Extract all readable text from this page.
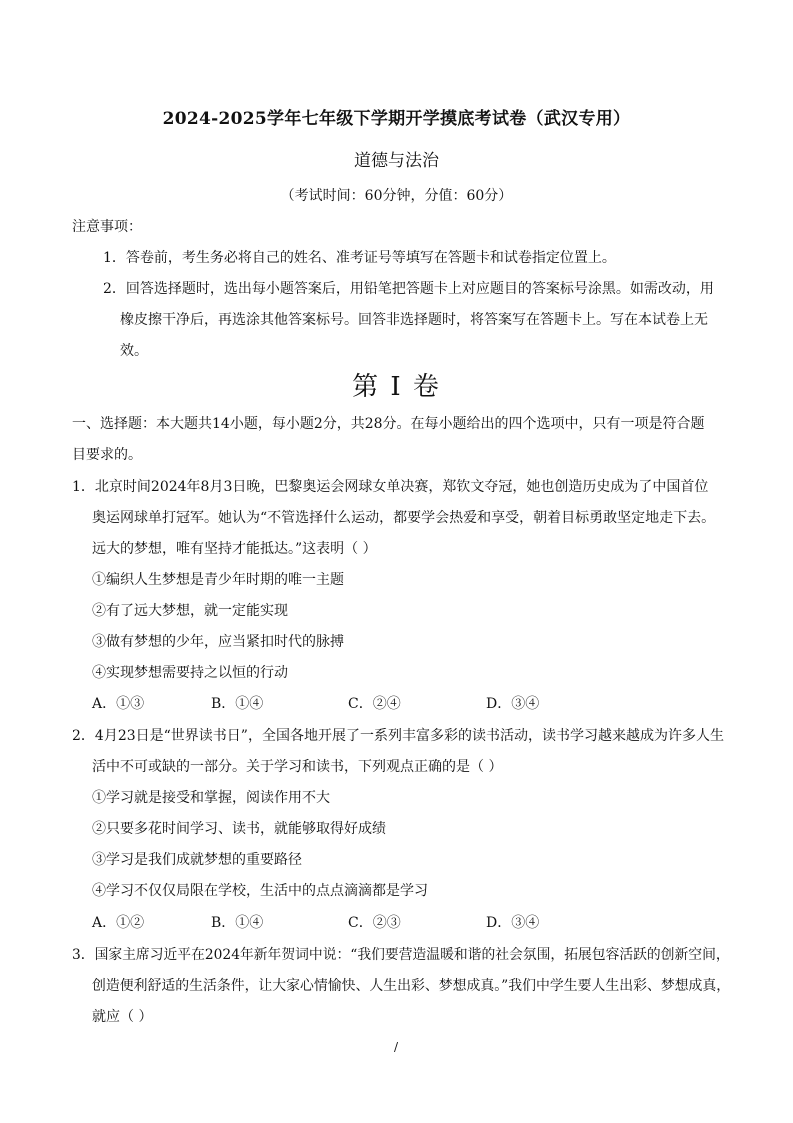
2024-2025学年七年级下学期开学摸底考试卷（武汉专用）
道德与法治
（考试时间：60分钟，分值：60分）
注意事项：
1．答卷前，考生务必将自己的姓名、准考证号等填写在答题卡和试卷指定位置上。
2．回答选择题时，选出每小题答案后，用铅笔把答题卡上对应题目的答案标号涂黑。如需改动，用
橡皮擦干净后，再选涂其他答案标号。回答非选择题时，将答案写在答题卡上。写在本试卷上无
效。
第 I 卷
一、选择题：本大题共14小题，每小题2分，共28分。在每小题给出的四个选项中，只有一项是符合题
目要求的。
1．北京时间2024年8月3日晚，巴黎奥运会网球女单决赛，郑钦文夺冠，她也创造历史成为了中国首位
奥运网球单打冠军。她认为“不管选择什么运动，都要学会热爱和享受，朝着目标勇敢坚定地走下去。
远大的梦想，唯有坚持才能抵达。”这表明（ ）
①编织人生梦想是青少年时期的唯一主题
②有了远大梦想，就一定能实现
③做有梦想的少年，应当紧扣时代的脉搏
④实现梦想需要持之以恒的行动
A．①③	B．①④	C．②④	D．③④
2．4月23日是“世界读书日”，全国各地开展了一系列丰富多彩的读书活动，读书学习越来越成为许多人生
活中不可或缺的一部分。关于学习和读书，下列观点正确的是（ ）
①学习就是接受和掌握，阅读作用不大
②只要多花时间学习、读书，就能够取得好成绩
③学习是我们成就梦想的重要路径
④学习不仅仅局限在学校，生活中的点点滴滴都是学习
A．①②	B．①④	C．②③	D．③④
3．国家主席习近平在2024年新年贺词中说：“我们要营造温暖和谐的社会氛围，拓展包容活跃的创新空间，
创造便利舒适的生活条件，让大家心情愉快、人生出彩、梦想成真。”我们中学生要人生出彩、梦想成真，
就应（ ）
/
